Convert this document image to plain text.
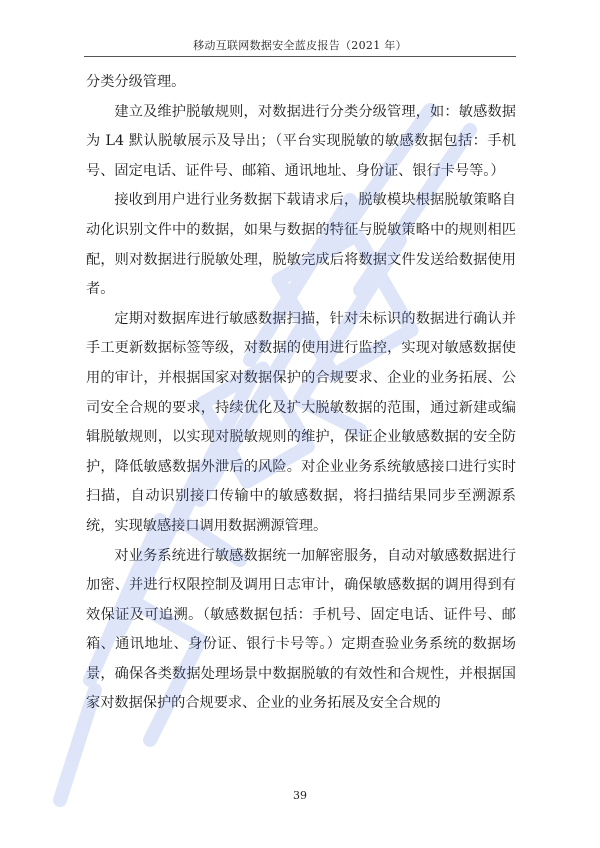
移动互联网数据安全蓝皮报告（2021 年）

分类分级管理。

建立及维护脱敏规则，对数据进行分类分级管理，如：敏感数据为 L4 默认脱敏展示及导出；（平台实现脱敏的敏感数据包括：手机号、固定电话、证件号、邮箱、通讯地址、身份证、银行卡号等。）

接收到用户进行业务数据下载请求后，脱敏模块根据脱敏策略自动化识别文件中的数据，如果与数据的特征与脱敏策略中的规则相匹配，则对数据进行脱敏处理，脱敏完成后将数据文件发送给数据使用者。

定期对数据库进行敏感数据扫描，针对未标识的数据进行确认并手工更新数据标签等级，对数据的使用进行监控，实现对敏感数据使用的审计，并根据国家对数据保护的合规要求、企业的业务拓展、公司安全合规的要求，持续优化及扩大脱敏数据的范围，通过新建或编辑脱敏规则，以实现对脱敏规则的维护，保证企业敏感数据的安全防护，降低敏感数据外泄后的风险。对企业业务系统敏感接口进行实时扫描，自动识别接口传输中的敏感数据，将扫描结果同步至溯源系统，实现敏感接口调用数据溯源管理。

对业务系统进行敏感数据统一加解密服务，自动对敏感数据进行加密、并进行权限控制及调用日志审计，确保敏感数据的调用得到有效保证及可追溯。（敏感数据包括：手机号、固定电话、证件号、邮箱、通讯地址、身份证、银行卡号等。）定期查验业务系统的数据场景，确保各类数据处理场景中数据脱敏的有效性和合规性，并根据国家对数据保护的合规要求、企业的业务拓展及安全合规的

39
